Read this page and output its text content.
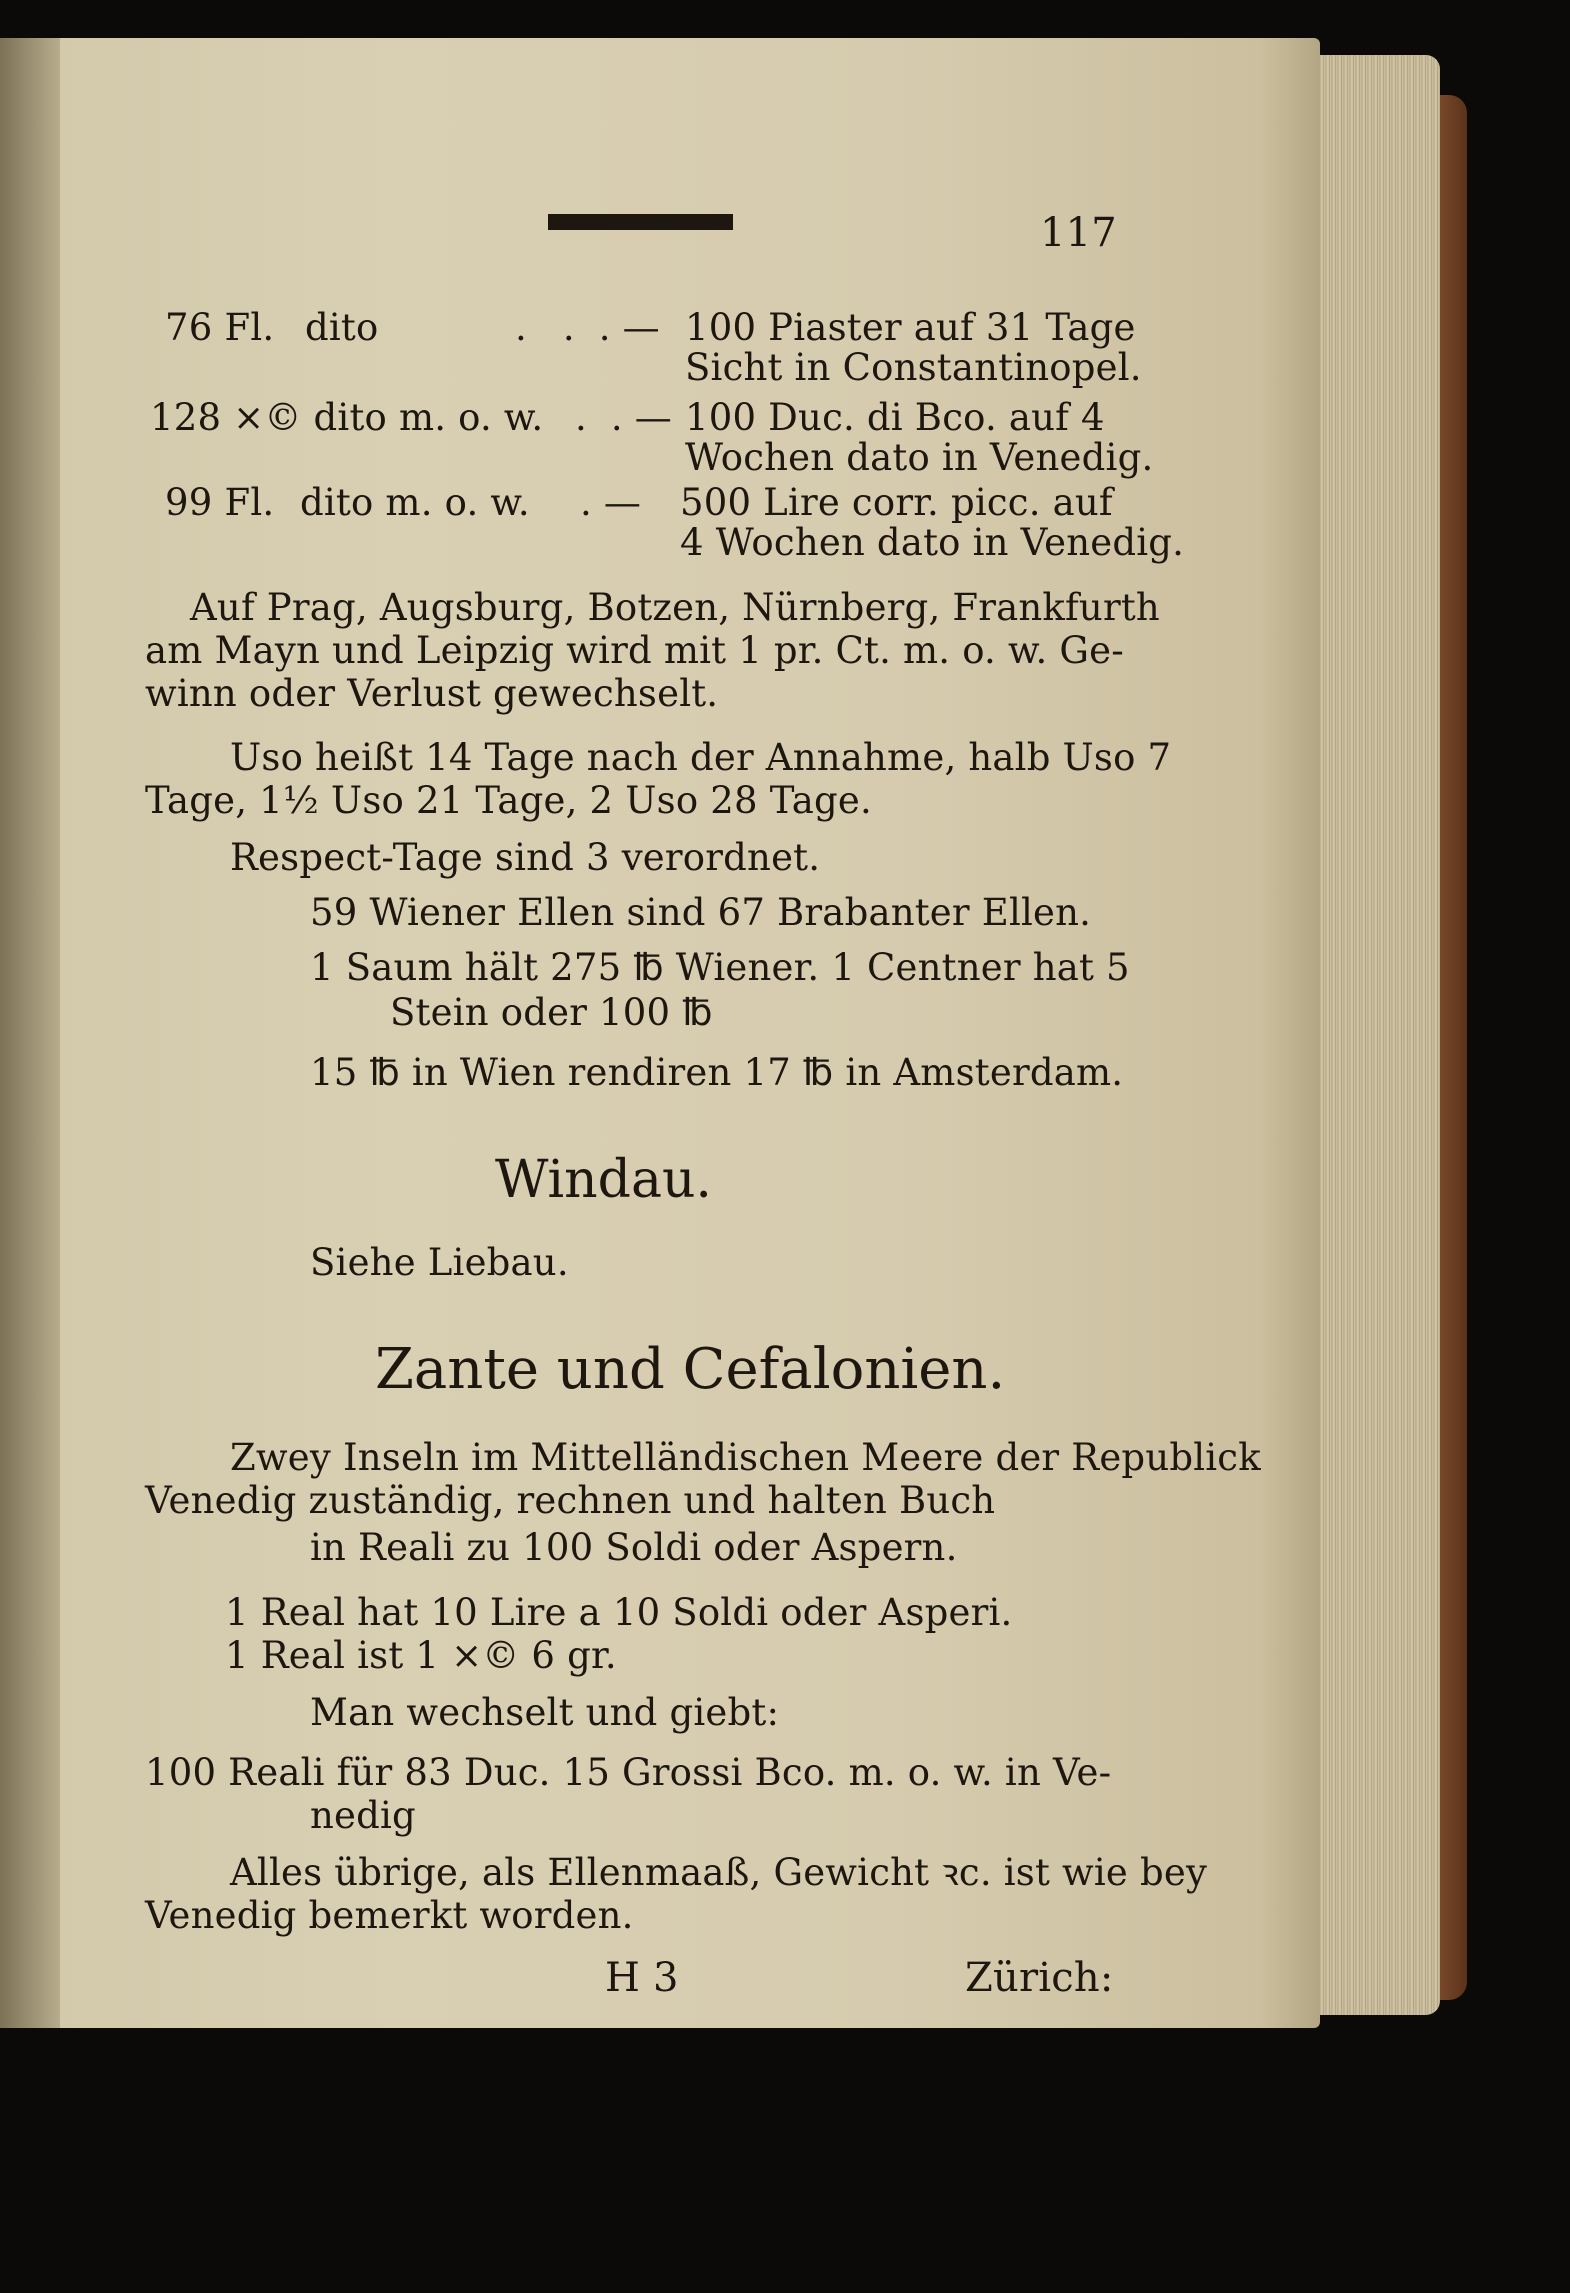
117
76 Fl. dito	.   .  . — 100 Piaster auf 31 Tage
Sicht in Constantinopel.
128 ×© dito m. o. w. .  . — 100 Duc. di Bco. auf 4
Wochen dato in Venedig.
99 Fl. dito m. o. w. . — 500 Lire corr. picc. auf
4 Wochen dato in Venedig.
Auf Prag, Augsburg, Botzen, Nürnberg, Frankfurth
am Mayn und Leipzig wird mit 1 pr. Ct. m. o. w. Ge-
winn oder Verlust gewechselt.
Uso heißt 14 Tage nach der Annahme, halb Uso 7
Tage, 1½ Uso 21 Tage, 2 Uso 28 Tage.
Respect-Tage sind 3 verordnet.
59 Wiener Ellen sind 67 Brabanter Ellen.
1 Saum hält 275 ℔ Wiener. 1 Centner hat 5
Stein oder 100 ℔
15 ℔ in Wien rendiren 17 ℔ in Amsterdam.
Windau.
Siehe Liebau.
Zante und Cefalonien.
Zwey Inseln im Mittelländischen Meere der Republick
Venedig zuständig, rechnen und halten Buch
in Reali zu 100 Soldi oder Aspern.
1 Real hat 10 Lire a 10 Soldi oder Asperi.
1 Real ist 1 ×© 6 gr.
Man wechselt und giebt:
100 Reali für 83 Duc. 15 Grossi Bco. m. o. w. in Ve-
nedig
Alles übrige, als Ellenmaaß, Gewicht ꝛc. ist wie bey
Venedig bemerkt worden.
H 3	Zürich:
